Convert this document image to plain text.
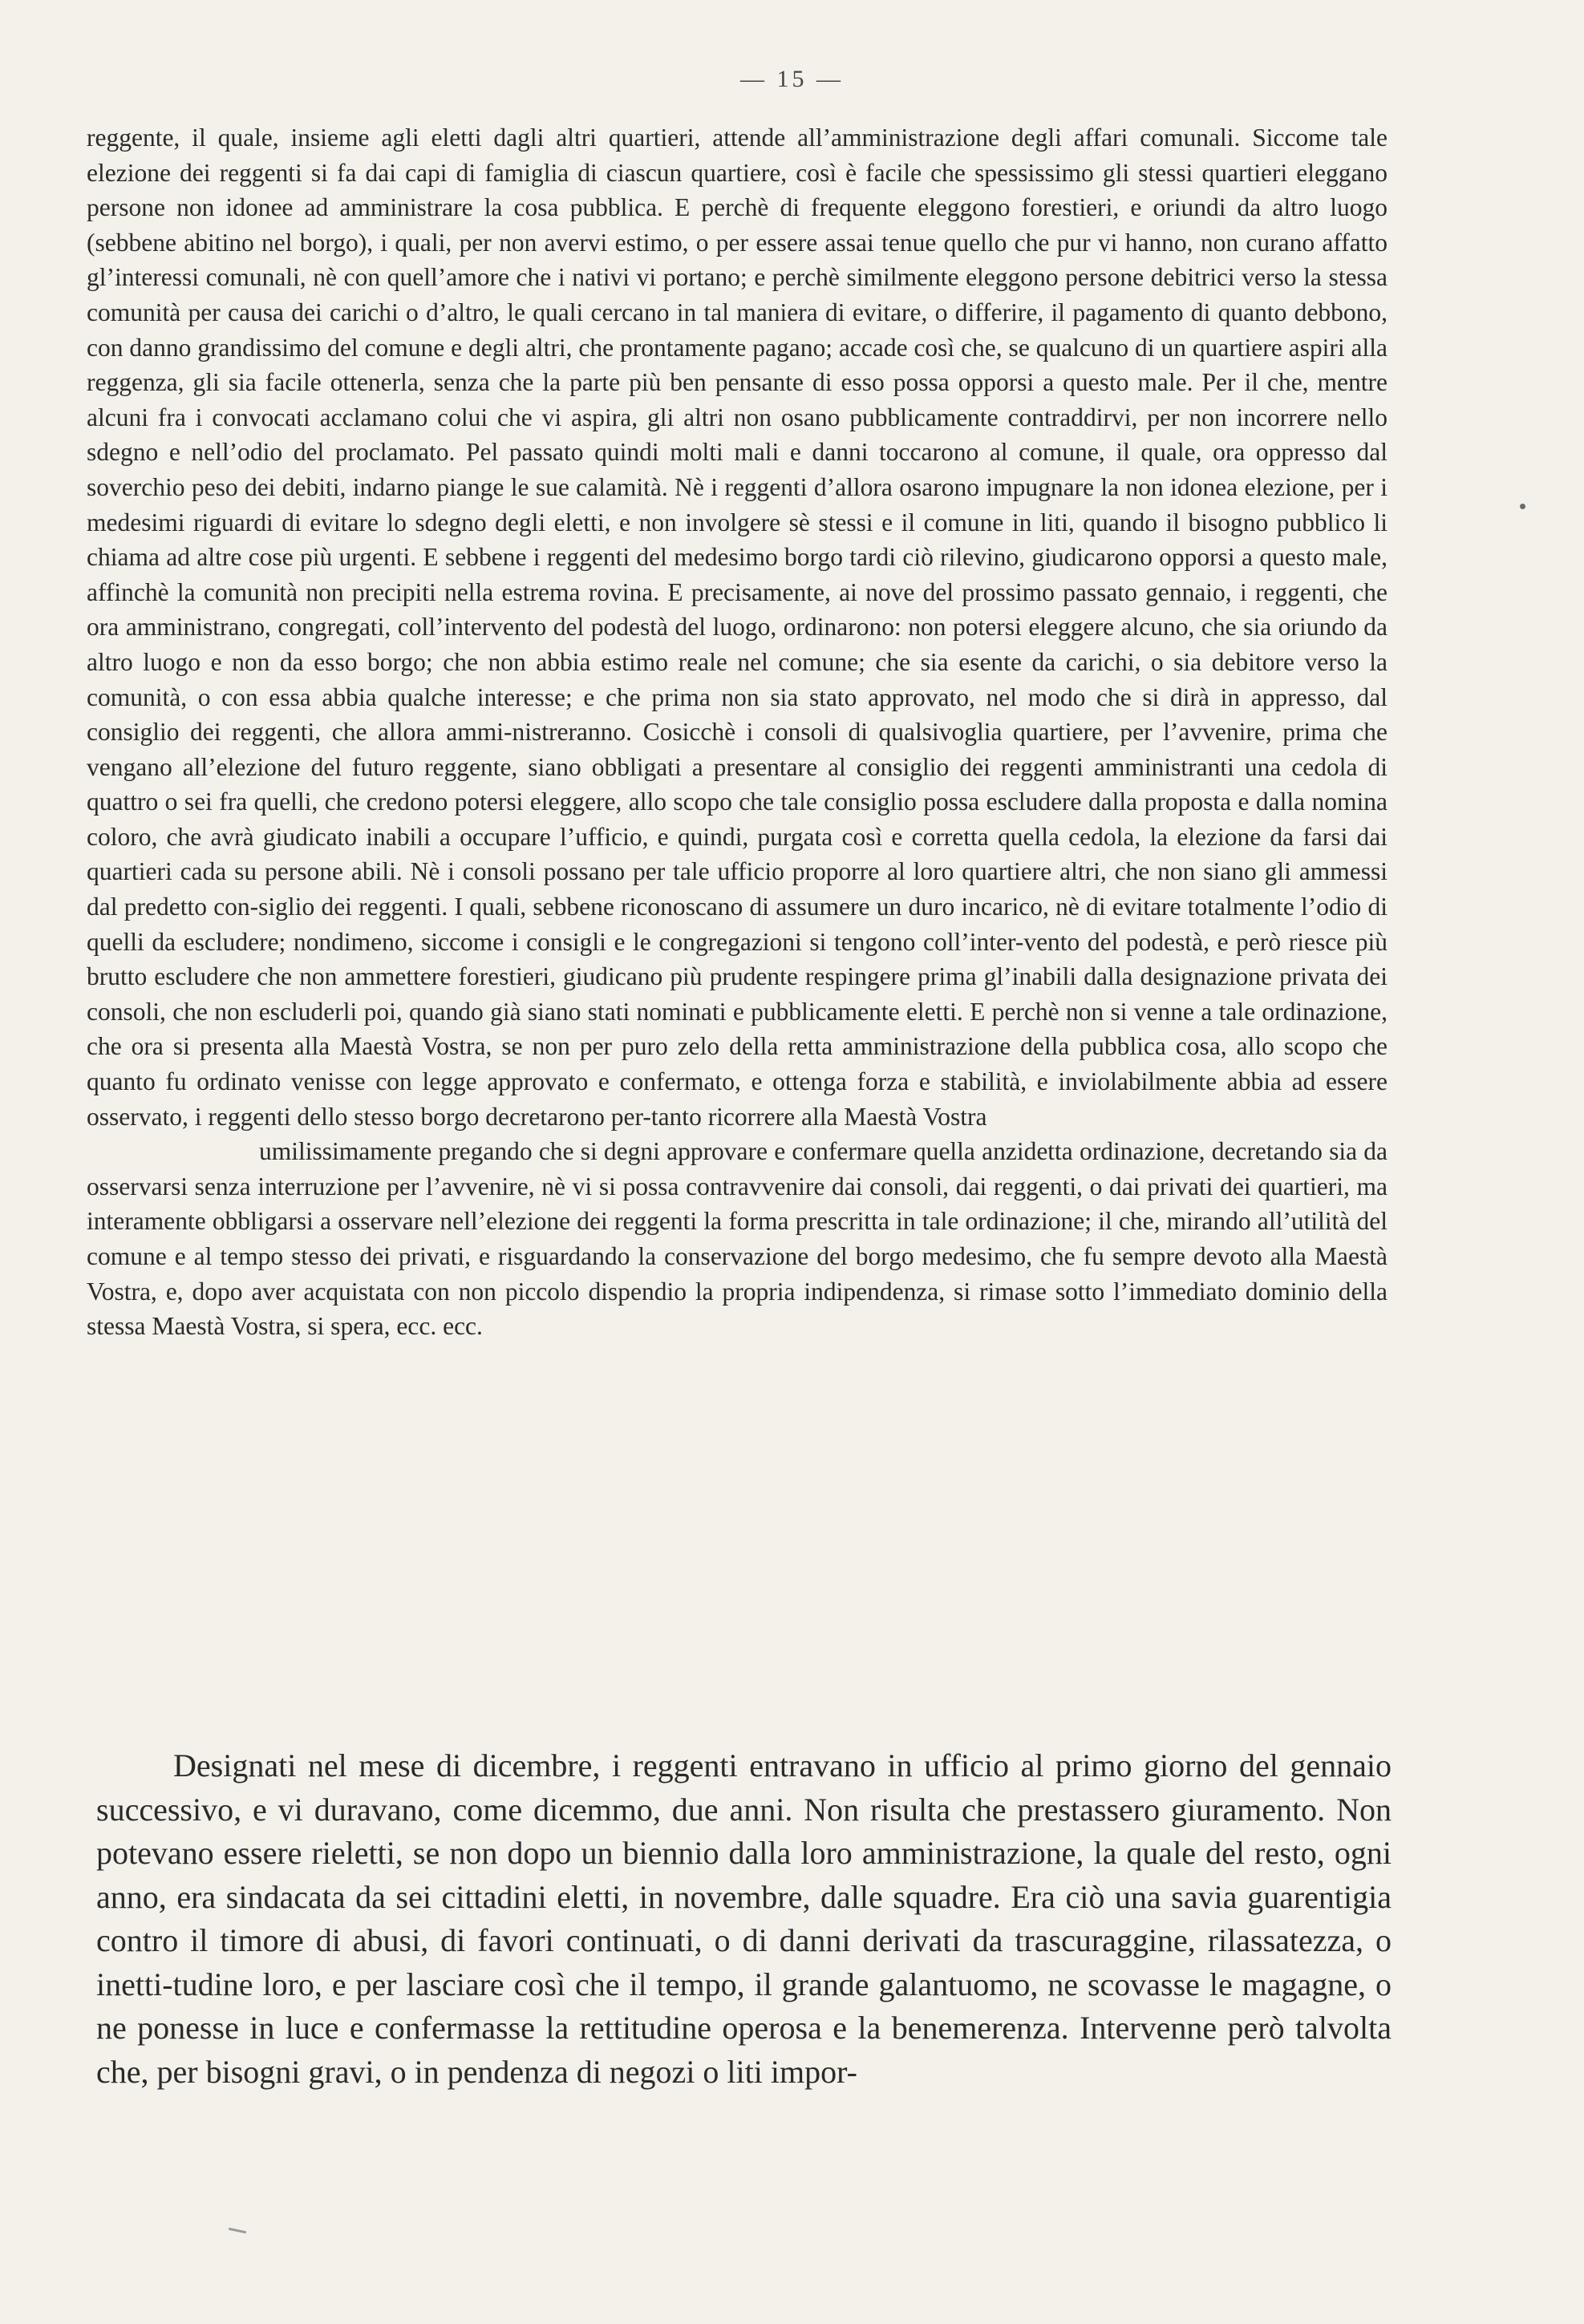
— 15 —

reggente, il quale, insieme agli eletti dagli altri quartieri, attende all’amministrazione degli affari comunali. Siccome tale elezione dei reggenti si fa dai capi di famiglia di ciascun quartiere, così è facile che spessissimo gli stessi quartieri eleggano persone non idonee ad amministrare la cosa pubblica. E perchè di frequente eleggono forestieri, e oriundi da altro luogo (sebbene abitino nel borgo), i quali, per non avervi estimo, o per essere assai tenue quello che pur vi hanno, non curano affatto gl’interessi comunali, nè con quell’amore che i nativi vi portano; e perchè similmente eleggono persone debitrici verso la stessa comunità per causa dei carichi o d’altro, le quali cercano in tal maniera di evitare, o differire, il pagamento di quanto debbono, con danno grandissimo del comune e degli altri, che prontamente pagano; accade così che, se qualcuno di un quartiere aspiri alla reggenza, gli sia facile ottenerla, senza che la parte più ben pensante di esso possa opporsi a questo male. Per il che, mentre alcuni fra i convocati acclamano colui che vi aspira, gli altri non osano pubblicamente contraddirvi, per non incorrere nello sdegno e nell’odio del proclamato. Pel passato quindi molti mali e danni toccarono al comune, il quale, ora oppresso dal soverchio peso dei debiti, indarno piange le sue calamità. Nè i reggenti d’allora osarono impugnare la non idonea elezione, per i medesimi riguardi di evitare lo sdegno degli eletti, e non involgere sè stessi e il comune in liti, quando il bisogno pubblico li chiama ad altre cose più urgenti. E sebbene i reggenti del medesimo borgo tardi ciò rilevino, giudicarono opporsi a questo male, affinchè la comunità non precipiti nella estrema rovina. E precisamente, ai nove del prossimo passato gennaio, i reggenti, che ora amministrano, congregati, coll’intervento del podestà del luogo, ordinarono: non potersi eleggere alcuno, che sia oriundo da altro luogo e non da esso borgo; che non abbia estimo reale nel comune; che sia esente da carichi, o sia debitore verso la comunità, o con essa abbia qualche interesse; e che prima non sia stato approvato, nel modo che si dirà in appresso, dal consiglio dei reggenti, che allora ammi-nistreranno. Cosicchè i consoli di qualsivoglia quartiere, per l’avvenire, prima che vengano all’elezione del futuro reggente, siano obbligati a presentare al consiglio dei reggenti amministranti una cedola di quattro o sei fra quelli, che credono potersi eleggere, allo scopo che tale consiglio possa escludere dalla proposta e dalla nomina coloro, che avrà giudicato inabili a occupare l’ufficio, e quindi, purgata così e corretta quella cedola, la elezione da farsi dai quartieri cada su persone abili. Nè i consoli possano per tale ufficio proporre al loro quartiere altri, che non siano gli ammessi dal predetto con-siglio dei reggenti. I quali, sebbene riconoscano di assumere un duro incarico, nè di evitare totalmente l’odio di quelli da escludere; nondimeno, siccome i consigli e le congregazioni si tengono coll’inter-vento del podestà, e però riesce più brutto escludere che non ammettere forestieri, giudicano più prudente respingere prima gl’inabili dalla designazione privata dei consoli, che non escluderli poi, quando già siano stati nominati e pubblicamente eletti. E perchè non si venne a tale ordinazione, che ora si presenta alla Maestà Vostra, se non per puro zelo della retta amministrazione della pubblica cosa, allo scopo che quanto fu ordinato venisse con legge approvato e confermato, e ottenga forza e stabilità, e inviolabilmente abbia ad essere osservato, i reggenti dello stesso borgo decretarono per-tanto ricorrere alla Maestà Vostra

umilissimamente pregando che si degni approvare e confermare quella anzidetta ordinazione, decretando sia da osservarsi senza interruzione per l’avvenire, nè vi si possa contravvenire dai consoli, dai reggenti, o dai privati dei quartieri, ma interamente obbligarsi a osservare nell’elezione dei reggenti la forma prescritta in tale ordinazione; il che, mirando all’utilità del comune e al tempo stesso dei privati, e risguardando la conservazione del borgo medesimo, che fu sempre devoto alla Maestà Vostra, e, dopo aver acquistata con non piccolo dispendio la propria indipendenza, si rimase sotto l’immediato dominio della stessa Maestà Vostra, si spera, ecc. ecc.

Designati nel mese di dicembre, i reggenti entravano in ufficio al primo giorno del gennaio successivo, e vi duravano, come dicemmo, due anni. Non risulta che prestassero giuramento. Non potevano essere rieletti, se non dopo un biennio dalla loro amministrazione, la quale del resto, ogni anno, era sindacata da sei cittadini eletti, in novembre, dalle squadre. Era ciò una savia guarentigia contro il timore di abusi, di favori continuati, o di danni derivati da trascuraggine, rilassatezza, o inetti-tudine loro, e per lasciare così che il tempo, il grande galantuomo, ne scovasse le magagne, o ne ponesse in luce e confermasse la rettitudine operosa e la benemerenza. Intervenne però talvolta che, per bisogni gravi, o in pendenza di negozi o liti impor-
